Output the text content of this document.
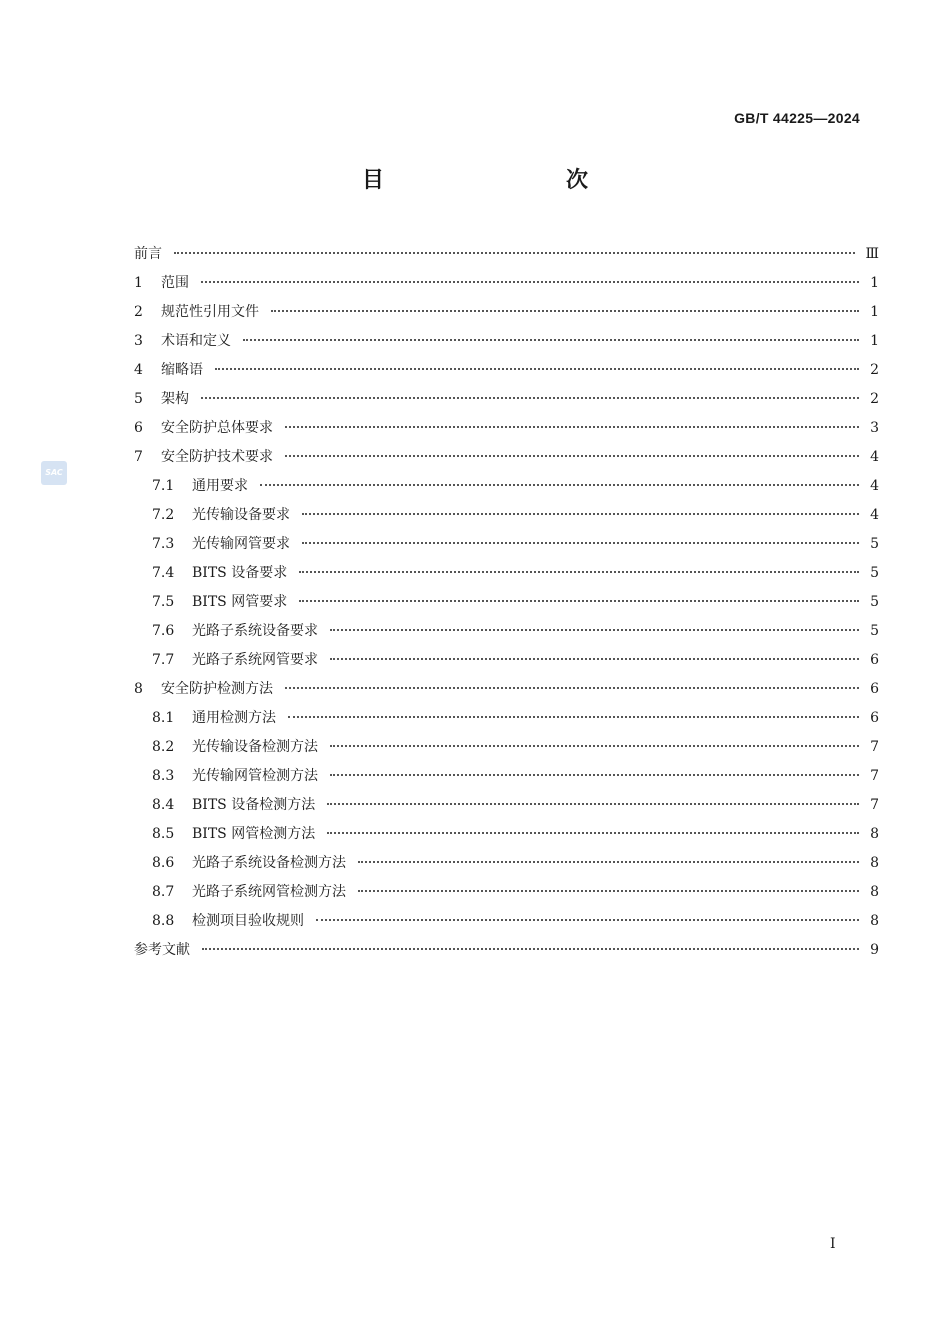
GB/T 44225—2024
目　　次
SAC
前言	Ⅲ
1	范围	1
2	规范性引用文件	1
3	术语和定义	1
4	缩略语	2
5	架构	2
6	安全防护总体要求	3
7	安全防护技术要求	4
7.1	通用要求	4
7.2	光传输设备要求	4
7.3	光传输网管要求	5
7.4	BITS 设备要求	5
7.5	BITS 网管要求	5
7.6	光路子系统设备要求	5
7.7	光路子系统网管要求	6
8	安全防护检测方法	6
8.1	通用检测方法	6
8.2	光传输设备检测方法	7
8.3	光传输网管检测方法	7
8.4	BITS 设备检测方法	7
8.5	BITS 网管检测方法	8
8.6	光路子系统设备检测方法	8
8.7	光路子系统网管检测方法	8
8.8	检测项目验收规则	8
参考文献	9
Ⅰ
